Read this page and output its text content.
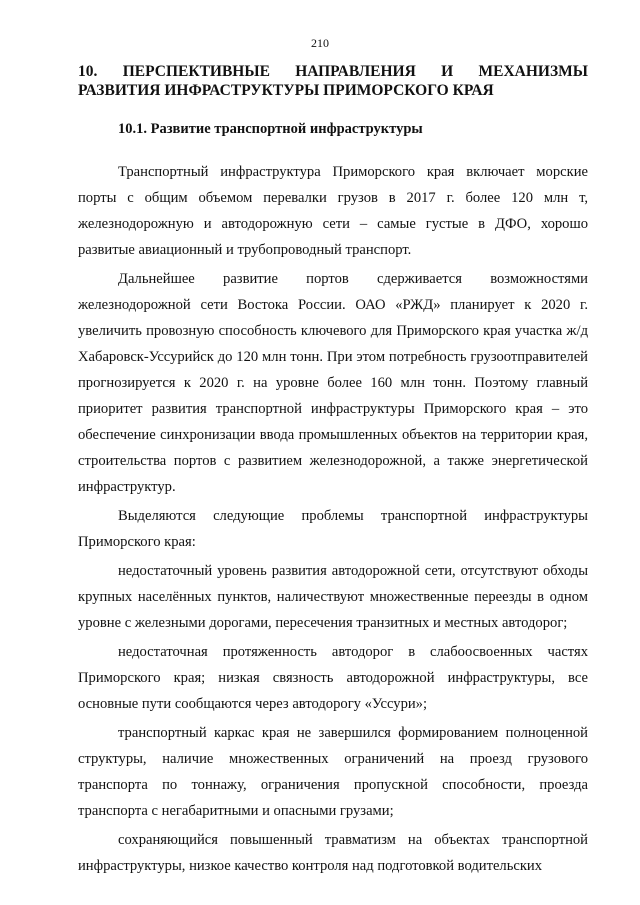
210
10. ПЕРСПЕКТИВНЫЕ НАПРАВЛЕНИЯ И МЕХАНИЗМЫ РАЗВИТИЯ ИНФРАСТРУКТУРЫ ПРИМОРСКОГО КРАЯ
10.1. Развитие транспортной инфраструктуры

Транспортный инфраструктура Приморского края включает морские порты с общим объемом перевалки грузов в 2017 г. более 120 млн т, железнодорожную и автодорожную сети – самые густые в ДФО, хорошо развитые авиационный и трубопроводный транспорт.

Дальнейшее развитие портов сдерживается возможностями железнодорожной сети Востока России. ОАО «РЖД» планирует к 2020 г. увеличить провозную способность ключевого для Приморского края участка ж/д Хабаровск-Уссурийск до 120 млн тонн. При этом потребность грузоотправителей прогнозируется к 2020 г. на уровне более 160 млн тонн. Поэтому главный приоритет развития транспортной инфраструктуры Приморского края – это обеспечение синхронизации ввода промышленных объектов на территории края, строительства портов с развитием железнодорожной, а также энергетической инфраструктур.

Выделяются следующие проблемы транспортной инфраструктуры Приморского края:

недостаточный уровень развития автодорожной сети, отсутствуют обходы крупных населённых пунктов, наличествуют множественные переезды в одном уровне с железными дорогами, пересечения транзитных и местных автодорог;

недостаточная протяженность автодорог в слабоосвоенных частях Приморского края; низкая связность автодорожной инфраструктуры, все основные пути сообщаются через автодорогу «Уссури»;

транспортный каркас края не завершился формированием полноценной структуры, наличие множественных ограничений на проезд грузового транспорта по тоннажу, ограничения пропускной способности, проезда транспорта с негабаритными и опасными грузами;

сохраняющийся повышенный травматизм на объектах транспортной инфраструктуры, низкое качество контроля над подготовкой водительских
